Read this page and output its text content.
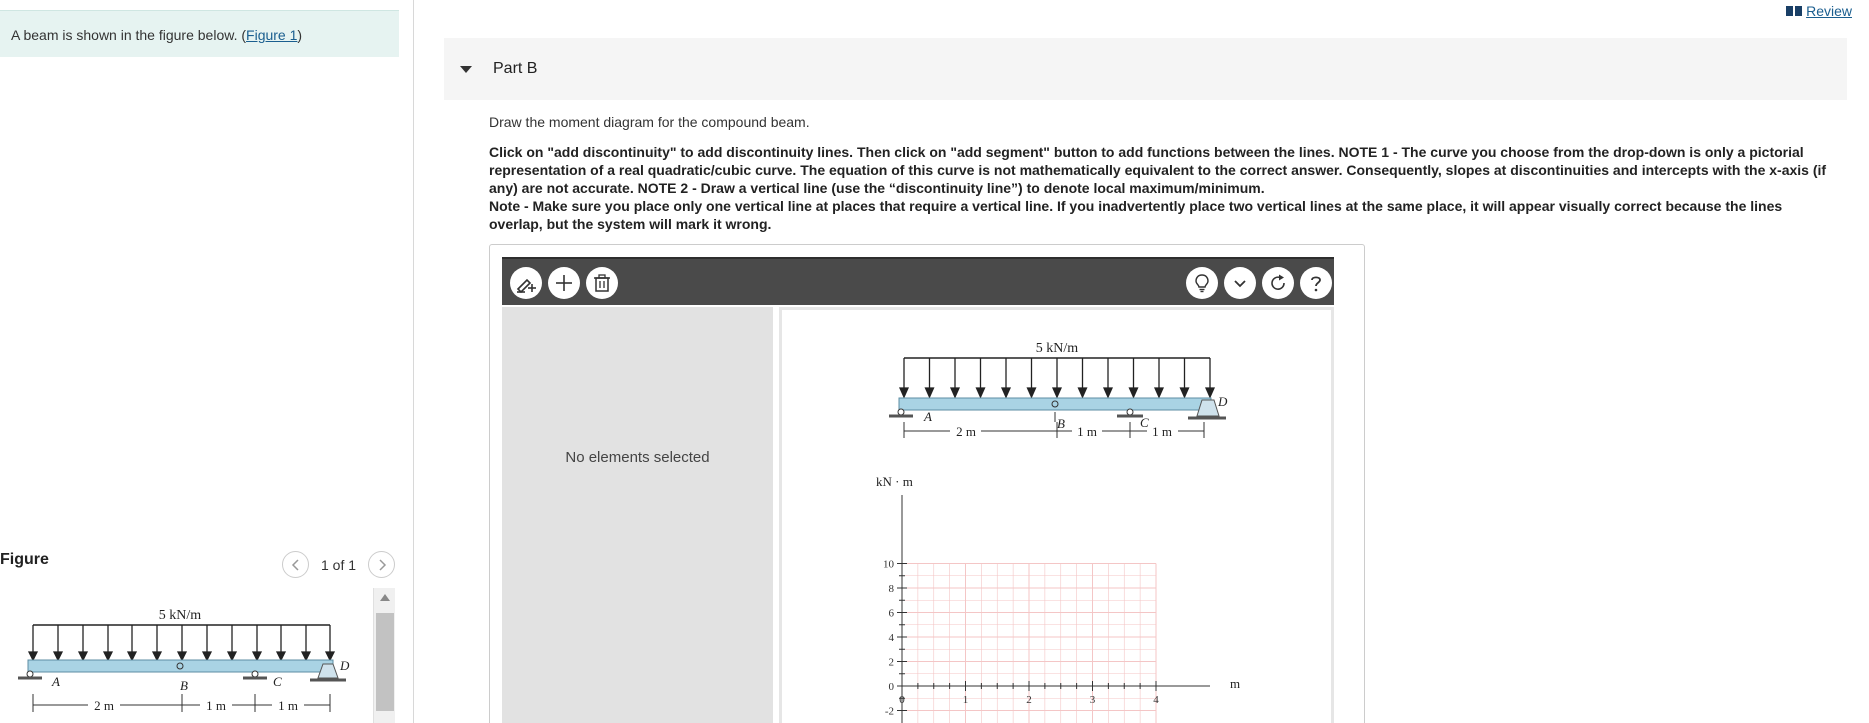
A beam is shown in the figure below. (Figure 1)
Figure	1 of 1
5 kN/m
A	B	C
D
2 m	1 m	1 m
Review
Part B
Draw the moment diagram for the compound beam.
Click on "add discontinuity" to add discontinuity lines. Then click on "add segment" button to add functions between the lines. NOTE 1 - The curve you choose from the drop-down is only a pictorial representation of a real quadratic/cubic curve. The equation of this curve is not mathematically equivalent to the correct answer. Consequently, slopes at discontinuities and intercepts with the x-axis (if any) are not accurate. NOTE 2 - Draw a vertical line (use the “discontinuity line”) to denote local maximum/minimum.
Note - Make sure you place only one vertical line at places that require a vertical line. If you inadvertently place two vertical lines at the same place, it will appear visually correct because the lines overlap, but the system will mark it wrong.
No elements selected
5 kN/m
A	B	C
D
2 m	1 m	1 m
kN · m
10
8
6
4
2
0
-2
0	1	2	3	4
m
